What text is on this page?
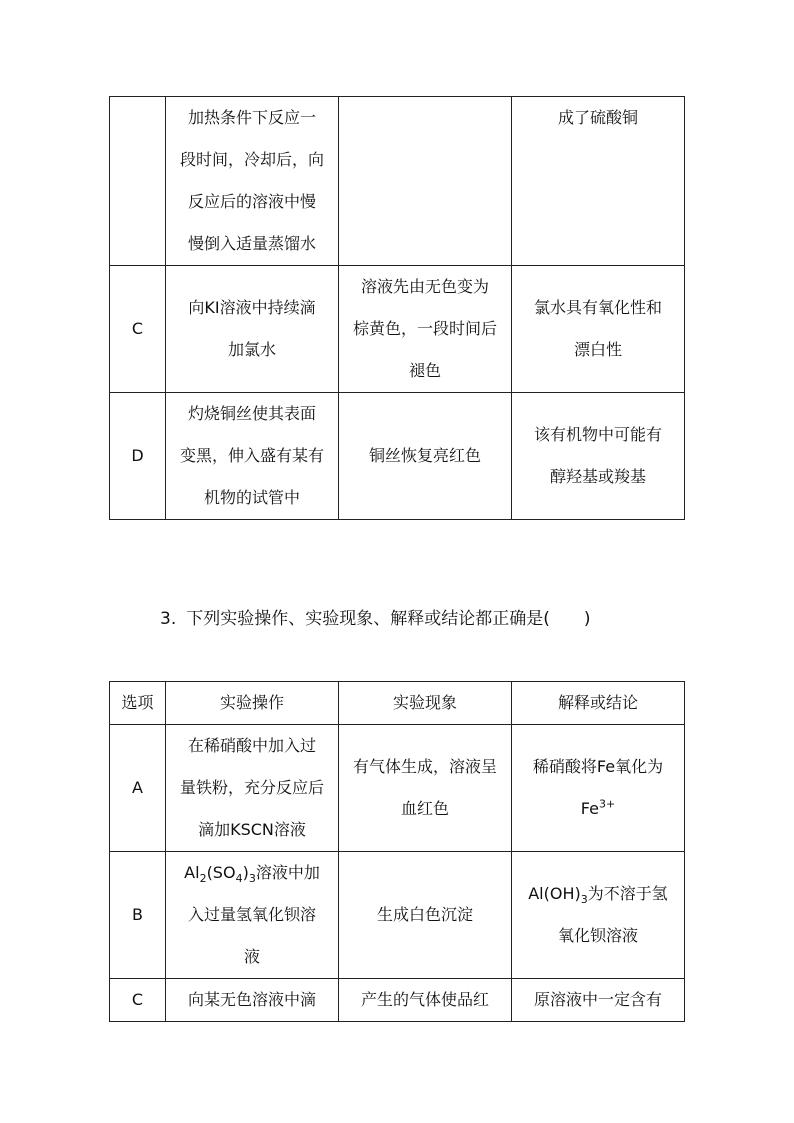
	加热条件下反应一
段时间，冷却后，向
反应后的溶液中慢
慢倒入适量蒸馏水		成了硫酸铜

C	向KI溶液中持续滴
加氯水	溶液先由无色变为
棕黄色，一段时间后
褪色	氯水具有氧化性和
漂白性

D	灼烧铜丝使其表面
变黑，伸入盛有某有
机物的试管中	铜丝恢复亮红色	该有机物中可能有
醇羟基或羧基
3. 下列实验操作、实验现象、解释或结论都正确是(　　)
选项	实验操作	实验现象	解释或结论
A	在稀硝酸中加入过
量铁粉，充分反应后
滴加KSCN溶液	有气体生成，溶液呈
血红色	稀硝酸将Fe氧化为
$Fe^{3+}$

B	$Al_2(SO_4)_3$溶液中加
入过量氢氧化钡溶
液	生成白色沉淀	$Al(OH)_3$为不溶于氢
氧化钡溶液

C	向某无色溶液中滴	产生的气体使品红	原溶液中一定含有
